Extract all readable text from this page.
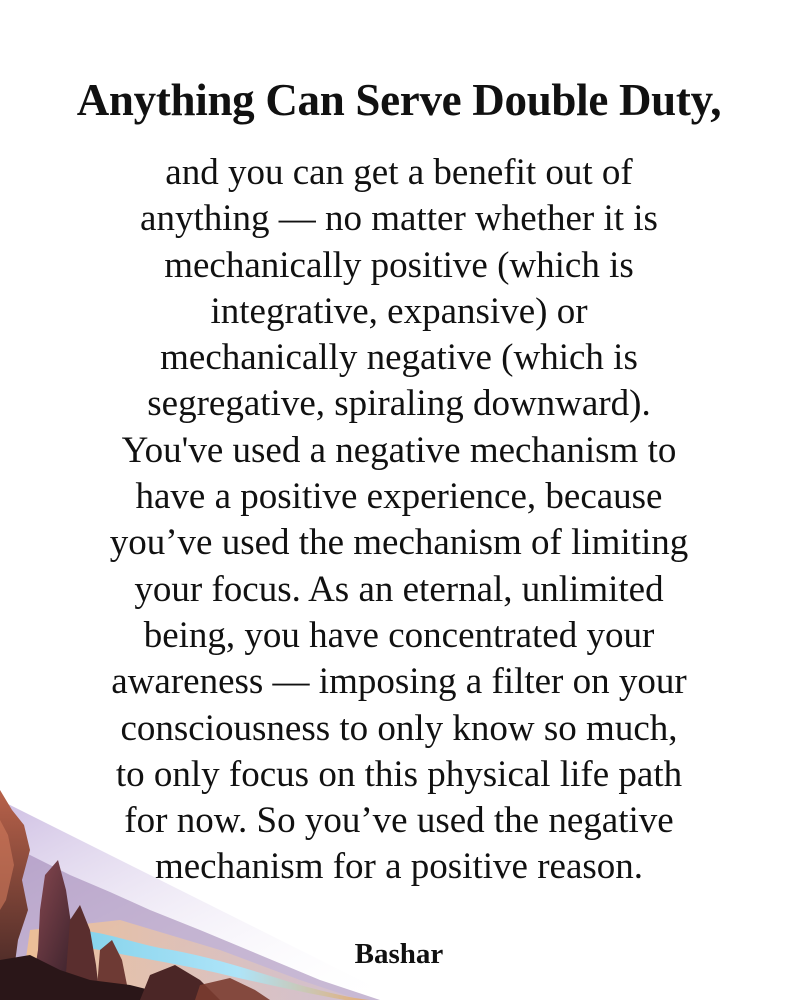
Anything Can Serve Double Duty,
and you can get a benefit out of
anything — no matter whether it is
mechanically positive (which is
integrative, expansive) or
mechanically negative (which is
segregative, spiraling downward).
You've used a negative mechanism to
have a positive experience, because
you’ve used the mechanism of limiting
your focus. As an eternal, unlimited
being, you have concentrated your
awareness — imposing a filter on your
consciousness to only know so much,
to only focus on this physical life path
for now. So you’ve used the negative
mechanism for a positive reason.

Bashar
